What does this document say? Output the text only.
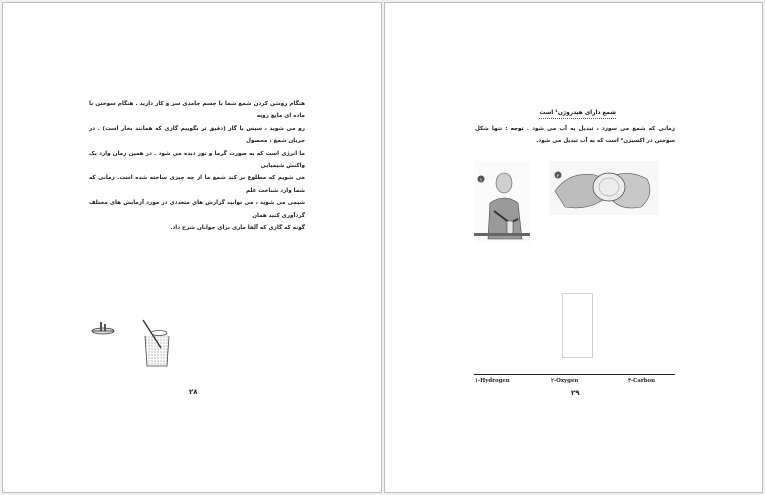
هنگام روشن کردن شمع شما با جسم جامدی سر و کار دارید . هنگام سوختن با ماده ای مایع روبه
رو می شوید ، سپس با گاز (دقیق تر بگوییم گازی که همانند بخار است) . در جریان شمع ، محصول
ما انرژی است که به صورت گرما و نور دیده می شود . در همین زمان وارد یک واکنش شیمیایی
می شویم که مطلوع بر کند شمع ما از چه چیزی ساخته شده است. زمانی که شما وارد شناخت علم
شیمی می شوید ، می توانید گزارش های متعددی در مورد آزمایش های مختلف گردآوری کنید همان
گونه که گازی که آلفا ماری برای جوانان شرح داد.
۲۸
شمع دارای هیدروژن¹ است
زمانی که شمع می سوزد ، تبدیل به آب می شود . توجه : تنها شکل سوختن در اکسیژن² است که به آب تبدیل می شود.
۱
۲
۱-Hydrogen	۲-Oxygen	۳-Carbon
۲۹
